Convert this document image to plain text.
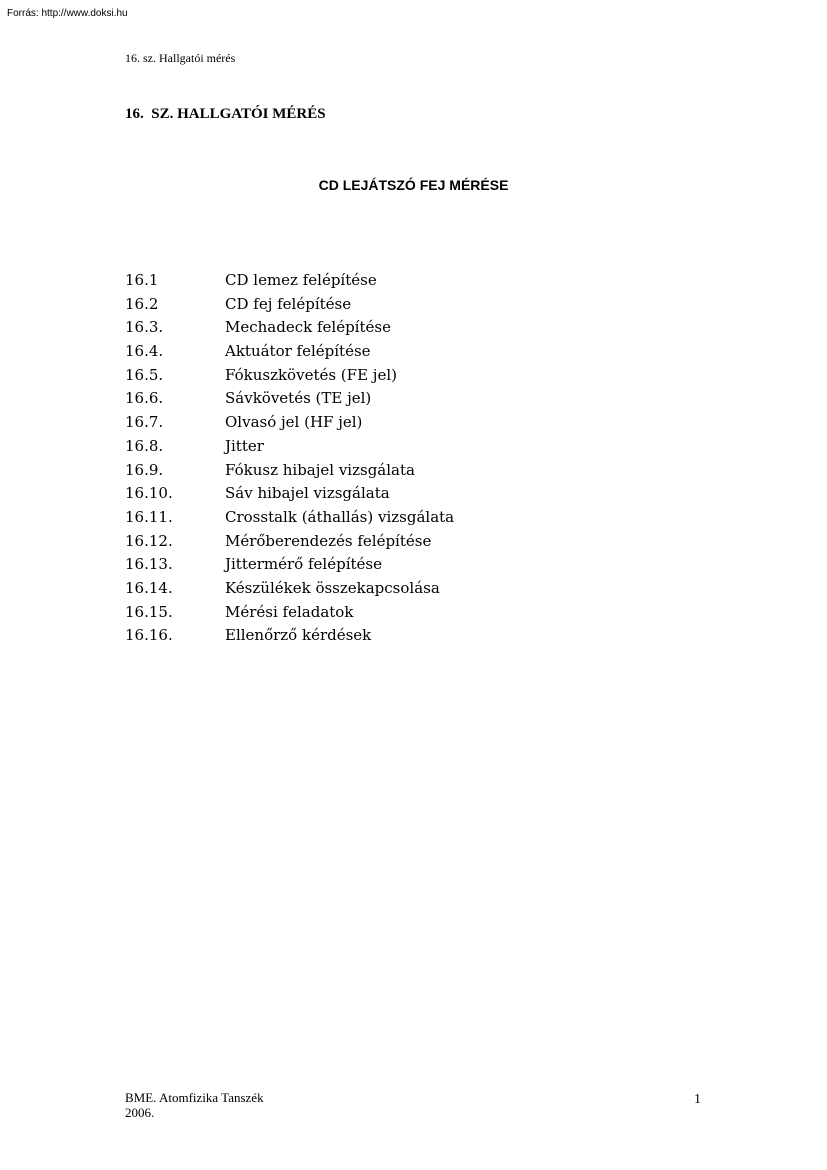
Forrás: http://www.doksi.hu
16. sz. Hallgatói mérés
16.  SZ. HALLGATÓI MÉRÉS
CD LEJÁTSZÓ FEJ MÉRÉSE
16.1	CD lemez felépítése
16.2	CD fej felépítése
16.3.	Mechadeck felépítése
16.4.	Aktuátor felépítése
16.5.	Fókuszkövetés (FE jel)
16.6.	Sávkövetés (TE jel)
16.7.	Olvasó jel (HF jel)
16.8.	Jitter
16.9.	Fókusz hibajel vizsgálata
16.10.	Sáv hibajel vizsgálata
16.11.	Crosstalk (áthallás) vizsgálata
16.12.	Mérőberendezés felépítése
16.13.	Jittermérő felépítése
16.14.	Készülékek összekapcsolása
16.15.	Mérési feladatok
16.16.	Ellenőrző kérdések
BME. Atomfizika Tanszék
2006.
1
